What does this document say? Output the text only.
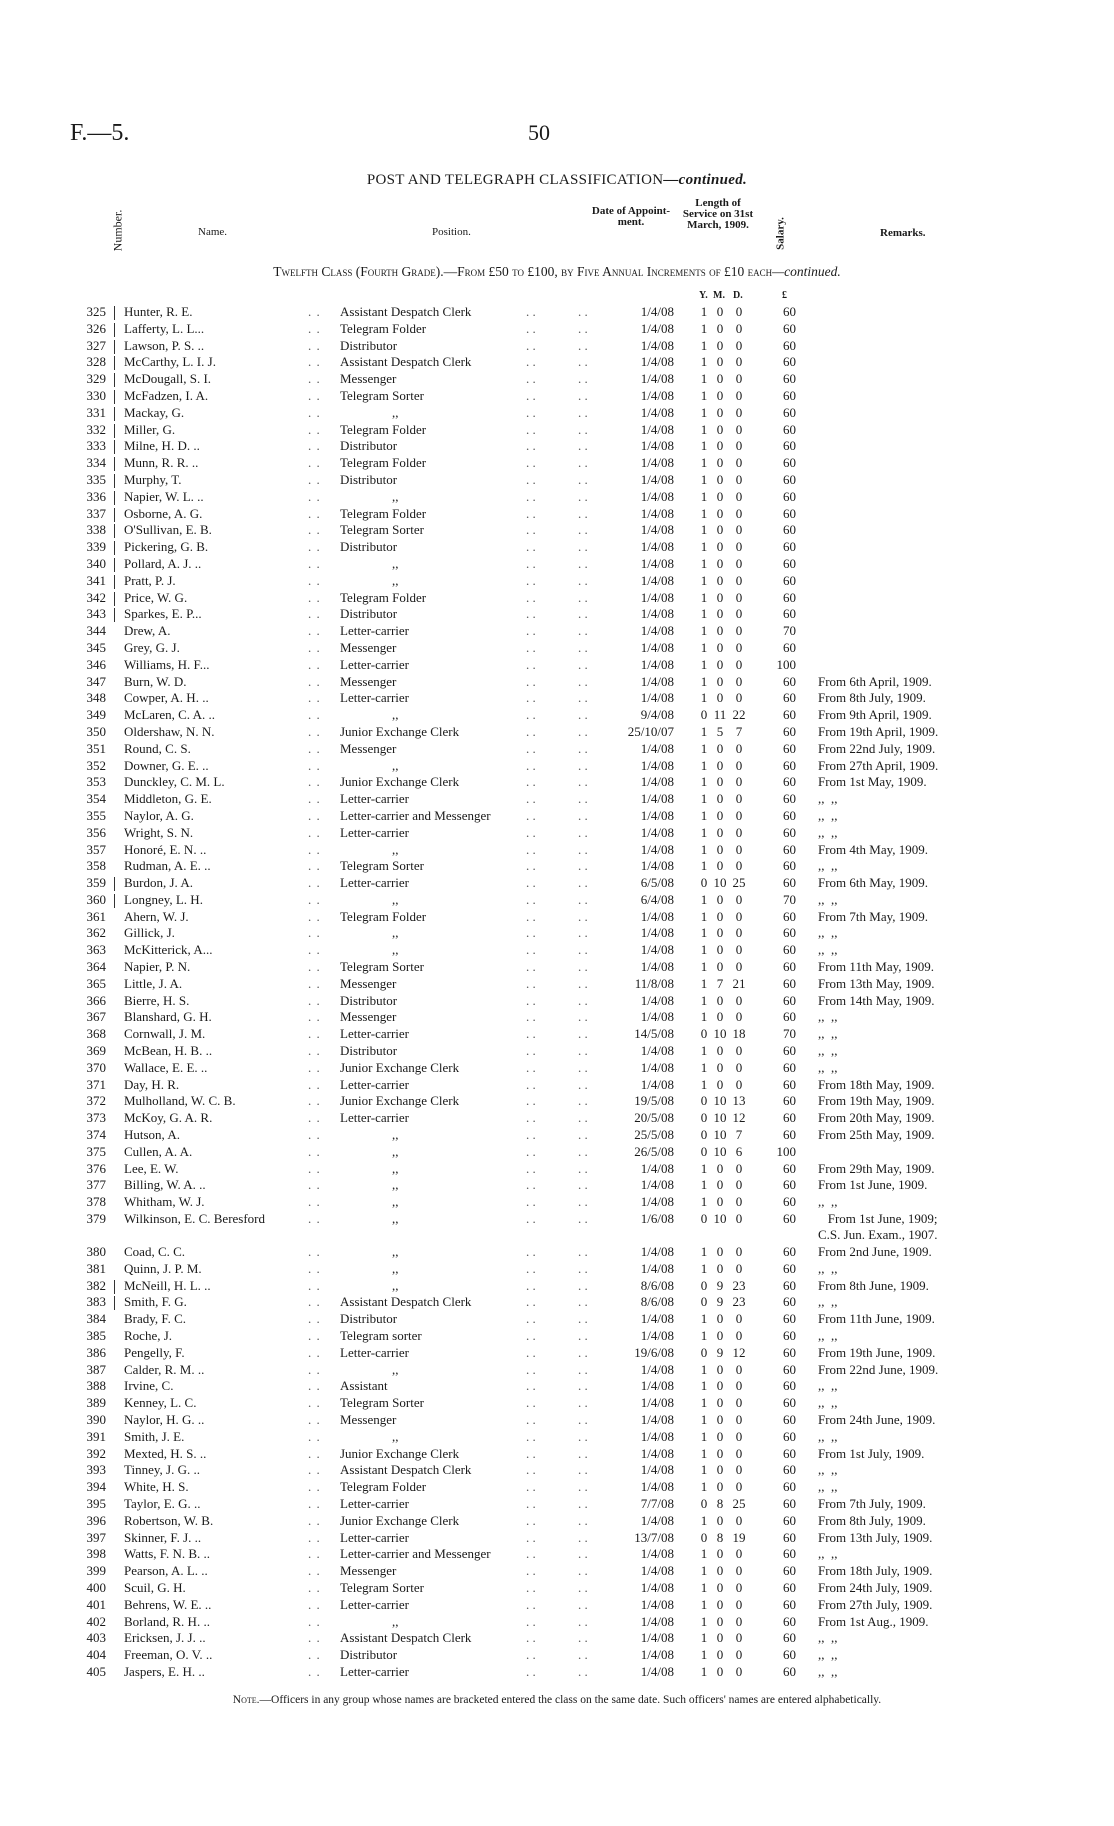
F.—5.	50
POST AND TELEGRAPH CLASSIFICATION—continued.
Number.	Name.	Position.
Date of Appoint-ment.
Length of Service on 31st March, 1909.	Salary.	Remarks.
Twelfth Class (Fourth Grade).—From £50 to £100, by Five Annual Increments of £10 each—continued.
Y. M. D.	£
. .	. .	. .
325 Hunter, R. E.	Assistant Despatch Clerk	1/4/08 1 0 0	60
. .	. .	. .
326 Lafferty, L. L...	Telegram Folder	1/4/08 1 0 0	60
. .	. .	. .
327 Lawson, P. S. ..	Distributor	1/4/08 1 0 0	60
. .	. .	. .
328 McCarthy, L. I. J.	Assistant Despatch Clerk	1/4/08 1 0 0	60
. .	. .	. .
329 McDougall, S. I.	Messenger	1/4/08 1 0 0	60
. .	. .	. .
330 McFadzen, I. A.	Telegram Sorter	1/4/08 1 0 0	60
. .	. .	. .
331 Mackay, G.	,,	1/4/08 1 0 0	60
. .	. .	. .
332 Miller, G.	Telegram Folder	1/4/08 1 0 0	60
. .	. .	. .
333 Milne, H. D. ..	Distributor	1/4/08 1 0 0	60
. .	. .	. .
334 Munn, R. R. ..	Telegram Folder	1/4/08 1 0 0	60
. .	. .	. .
335 Murphy, T.	Distributor	1/4/08 1 0 0	60
. .	. .	. .
336 Napier, W. L. ..	,,	1/4/08 1 0 0	60
. .	. .	. .
337 Osborne, A. G.	Telegram Folder	1/4/08 1 0 0	60
. .	. .	. .
338 O'Sullivan, E. B.	Telegram Sorter	1/4/08 1 0 0	60
. .	. .	. .
339 Pickering, G. B.	Distributor	1/4/08 1 0 0	60
. .	. .	. .
340 Pollard, A. J. ..	,,	1/4/08 1 0 0	60
. .	. .	. .
341 Pratt, P. J.	,,	1/4/08 1 0 0	60
. .	. .	. .
342 Price, W. G.	Telegram Folder	1/4/08 1 0 0	60
. .	. .	. .
343 Sparkes, E. P...	Distributor	1/4/08 1 0 0	60
. .	. .	. .
344 Drew, A.	Letter-carrier	1/4/08 1 0 0	70
. .	. .	. .
345 Grey, G. J.	Messenger	1/4/08 1 0 0	60
. .	. .	. .
346 Williams, H. F...	Letter-carrier	1/4/08 1 0 0	100
. .	. .	. .
347 Burn, W. D.	Messenger	1/4/08 1 0 0	60 From 6th April, 1909.
. .	. .	. .
348 Cowper, A. H. ..	Letter-carrier	1/4/08 1 0 0	60 From 8th July, 1909.
. .	. .	. .
349 McLaren, C. A. ..	,,	9/4/08 0 11 22	60 From 9th April, 1909.
. .	. .	. .
350 Oldershaw, N. N.	Junior Exchange Clerk	25/10/07 1 5 7	60 From 19th April, 1909.
. .	. .	. .
351 Round, C. S.	Messenger	1/4/08 1 0 0	60 From 22nd July, 1909.
. .	. .	. .
352 Downer, G. E. ..	,,	1/4/08 1 0 0	60 From 27th April, 1909.
. .	. .	. .
353 Dunckley, C. M. L.	Junior Exchange Clerk	1/4/08 1 0 0	60 From 1st May, 1909.
. .	. .	. .
354 Middleton, G. E.	Letter-carrier	1/4/08 1 0 0	60 ,,  ,,
. .	. .	. .
355 Naylor, A. G.	Letter-carrier and Messenger	1/4/08 1 0 0	60 ,,  ,,
. .	. .	. .
356 Wright, S. N.	Letter-carrier	1/4/08 1 0 0	60 ,,  ,,
. .	. .	. .
357 Honoré, E. N. ..	,,	1/4/08 1 0 0	60 From 4th May, 1909.
. .	. .	. .
358 Rudman, A. E. ..	Telegram Sorter	1/4/08 1 0 0	60 ,,  ,,
. .	. .	. .
359 Burdon, J. A.	Letter-carrier	6/5/08 0 10 25	60 From 6th May, 1909.
. .	. .	. .
360 Longney, L. H.	,,	6/4/08 1 0 0	70 ,,  ,,
. .	. .	. .
361 Ahern, W. J.	Telegram Folder	1/4/08 1 0 0	60 From 7th May, 1909.
. .	. .	. .
362 Gillick, J.	,,	1/4/08 1 0 0	60 ,,  ,,
. .	. .	. .
363 McKitterick, A...	,,	1/4/08 1 0 0	60 ,,  ,,
. .	. .	. .
364 Napier, P. N.	Telegram Sorter	1/4/08 1 0 0	60 From 11th May, 1909.
. .	. .	. .
365 Little, J. A.	Messenger	11/8/08 1 7 21	60 From 13th May, 1909.
. .	. .	. .
366 Bierre, H. S.	Distributor	1/4/08 1 0 0	60 From 14th May, 1909.
. .	. .	. .
367 Blanshard, G. H.	Messenger	1/4/08 1 0 0	60 ,,  ,,
. .	. .	. .
368 Cornwall, J. M.	Letter-carrier	14/5/08 0 10 18	70 ,,  ,,
. .	. .	. .
369 McBean, H. B. ..	Distributor	1/4/08 1 0 0	60 ,,  ,,
. .	. .	. .
370 Wallace, E. E. ..	Junior Exchange Clerk	1/4/08 1 0 0	60 ,,  ,,
. .	. .	. .
371 Day, H. R.	Letter-carrier	1/4/08 1 0 0	60 From 18th May, 1909.
. .	. .	. .
372 Mulholland, W. C. B.	Junior Exchange Clerk	19/5/08 0 10 13	60 From 19th May, 1909.
. .	. .	. .
373 McKoy, G. A. R.	Letter-carrier	20/5/08 0 10 12	60 From 20th May, 1909.
. .	. .	. .
374 Hutson, A.	,,	25/5/08 0 10 7	60 From 25th May, 1909.
. .	. .	. .
375 Cullen, A. A.	,,	26/5/08 0 10 6	100
. .	. .	. .
376 Lee, E. W.	,,	1/4/08 1 0 0	60 From 29th May, 1909.
. .	. .	. .
377 Billing, W. A. ..	,,	1/4/08 1 0 0	60 From 1st June, 1909.
. .	. .	. .
378 Whitham, W. J.	,,	1/4/08 1 0 0	60 ,,  ,,
. .	. .	. .
379 Wilkinson, E. C. Beresford	,,	1/6/08 0 10 0	60	From 1st June, 1909;
C.S. Jun. Exam., 1907.
. .	. .	. .
380 Coad, C. C.	,,	1/4/08 1 0 0	60 From 2nd June, 1909.
. .	. .	. .
381 Quinn, J. P. M.	,,	1/4/08 1 0 0	60 ,,  ,,
. .	. .	. .
382 McNeill, H. L. ..	,,	8/6/08 0 9 23	60 From 8th June, 1909.
. .	. .	. .
383 Smith, F. G.	Assistant Despatch Clerk	8/6/08 0 9 23	60 ,,  ,,
. .	. .	. .
384 Brady, F. C.	Distributor	1/4/08 1 0 0	60 From 11th June, 1909.
. .	. .	. .
385 Roche, J.	Telegram sorter	1/4/08 1 0 0	60 ,,  ,,
. .	. .	. .
386 Pengelly, F.	Letter-carrier	19/6/08 0 9 12	60 From 19th June, 1909.
. .	. .	. .
387 Calder, R. M. ..	,,	1/4/08 1 0 0	60 From 22nd June, 1909.
. .	. .	. .
388 Irvine, C.	Assistant	1/4/08 1 0 0	60 ,,  ,,
. .	. .	. .
389 Kenney, L. C.	Telegram Sorter	1/4/08 1 0 0	60 ,,  ,,
. .	. .	. .
390 Naylor, H. G. ..	Messenger	1/4/08 1 0 0	60 From 24th June, 1909.
. .	. .	. .
391 Smith, J. E.	,,	1/4/08 1 0 0	60 ,,  ,,
. .	. .	. .
392 Mexted, H. S. ..	Junior Exchange Clerk	1/4/08 1 0 0	60 From 1st July, 1909.
. .	. .	. .
393 Tinney, J. G. ..	Assistant Despatch Clerk	1/4/08 1 0 0	60 ,,  ,,
. .	. .	. .
394 White, H. S.	Telegram Folder	1/4/08 1 0 0	60 ,,  ,,
. .	. .	. .
395 Taylor, E. G. ..	Letter-carrier	7/7/08 0 8 25	60 From 7th July, 1909.
. .	. .	. .
396 Robertson, W. B.	Junior Exchange Clerk	1/4/08 1 0 0	60 From 8th July, 1909.
. .	. .	. .
397 Skinner, F. J. ..	Letter-carrier	13/7/08 0 8 19	60 From 13th July, 1909.
. .	. .	. .
398 Watts, F. N. B. ..	Letter-carrier and Messenger	1/4/08 1 0 0	60 ,,  ,,
. .	. .	. .
399 Pearson, A. L. ..	Messenger	1/4/08 1 0 0	60 From 18th July, 1909.
. .	. .	. .
400 Scuil, G. H.	Telegram Sorter	1/4/08 1 0 0	60 From 24th July, 1909.
. .	. .	. .
401 Behrens, W. E. ..	Letter-carrier	1/4/08 1 0 0	60 From 27th July, 1909.
. .	. .	. .
402 Borland, R. H. ..	,,	1/4/08 1 0 0	60 From 1st Aug., 1909.
. .	. .	. .
403 Ericksen, J. J. ..	Assistant Despatch Clerk	1/4/08 1 0 0	60 ,,  ,,
. .	. .	. .
404 Freeman, O. V. ..	Distributor	1/4/08 1 0 0	60 ,,  ,,
. .	. .	. .
405 Jaspers, E. H. ..	Letter-carrier	1/4/08 1 0 0	60 ,,  ,,
Note.—Officers in any group whose names are bracketed entered the class on the same date. Such officers' names are entered alphabetically.
